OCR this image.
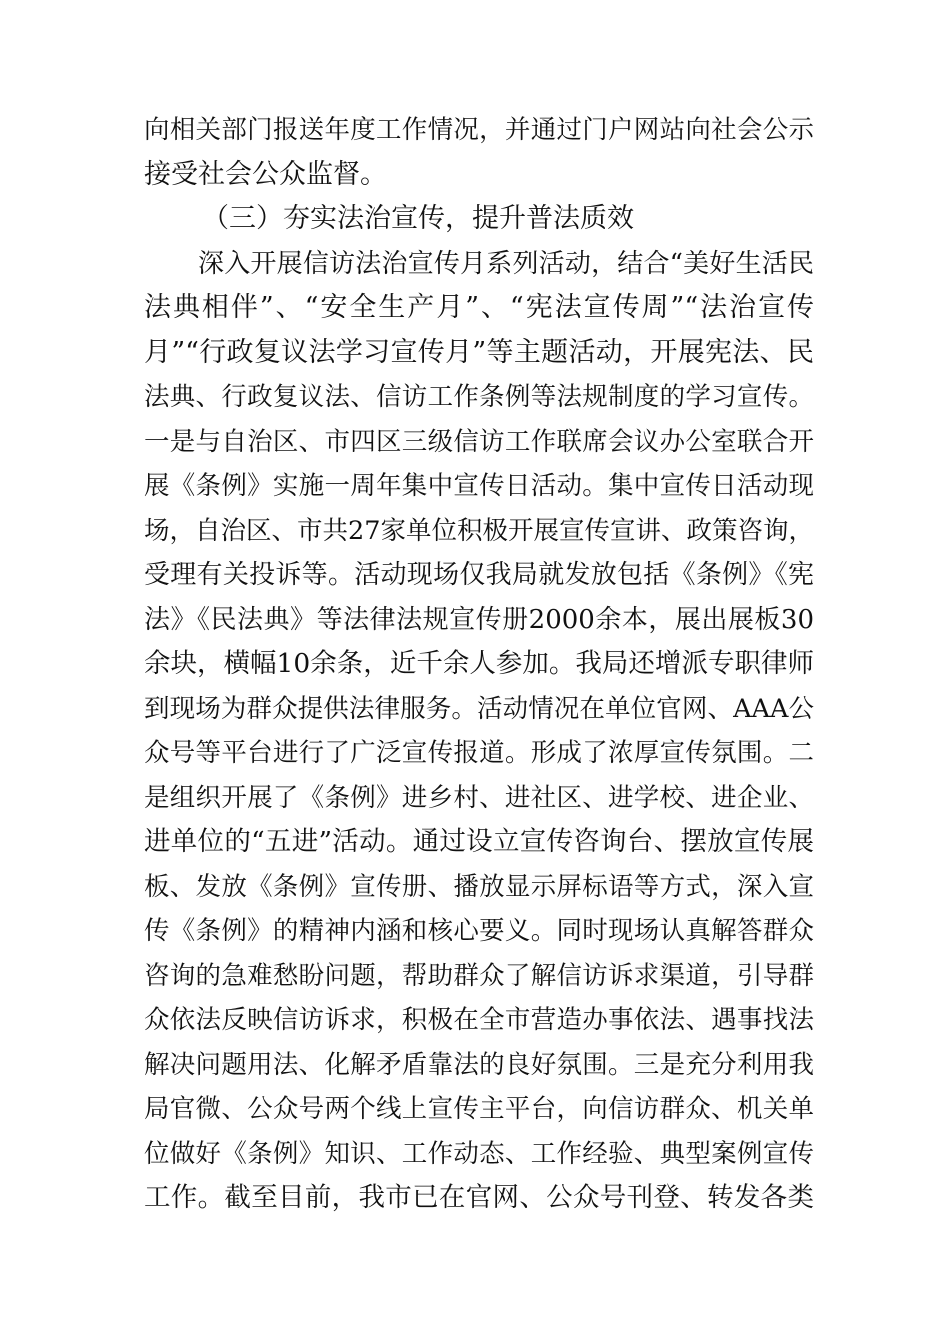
向相关部门报送年度工作情况，并通过门户网站向社会公示
接受社会公众监督。
（三）夯实法治宣传，提升普法质效
深入开展信访法治宣传月系列活动，结合“美好生活民
法典相伴”、“安全生产月”、“宪法宣传周”“法治宣传
月”“行政复议法学习宣传月”等主题活动，开展宪法、民
法典、行政复议法、信访工作条例等法规制度的学习宣传。
一是与自治区、市四区三级信访工作联席会议办公室联合开
展《条例》实施一周年集中宣传日活动。集中宣传日活动现
场，自治区、市共27家单位积极开展宣传宣讲、政策咨询，
受理有关投诉等。活动现场仅我局就发放包括《条例》《宪
法》《民法典》等法律法规宣传册2000余本，展出展板30
余块，横幅10余条，近千余人参加。我局还增派专职律师
到现场为群众提供法律服务。活动情况在单位官网、AAA公
众号等平台进行了广泛宣传报道。形成了浓厚宣传氛围。二
是组织开展了《条例》进乡村、进社区、进学校、进企业、
进单位的“五进”活动。通过设立宣传咨询台、摆放宣传展
板、发放《条例》宣传册、播放显示屏标语等方式，深入宣
传《条例》的精神内涵和核心要义。同时现场认真解答群众
咨询的急难愁盼问题，帮助群众了解信访诉求渠道，引导群
众依法反映信访诉求，积极在全市营造办事依法、遇事找法
解决问题用法、化解矛盾靠法的良好氛围。三是充分利用我
局官微、公众号两个线上宣传主平台，向信访群众、机关单
位做好《条例》知识、工作动态、工作经验、典型案例宣传
工作。截至目前，我市已在官网、公众号刊登、转发各类
